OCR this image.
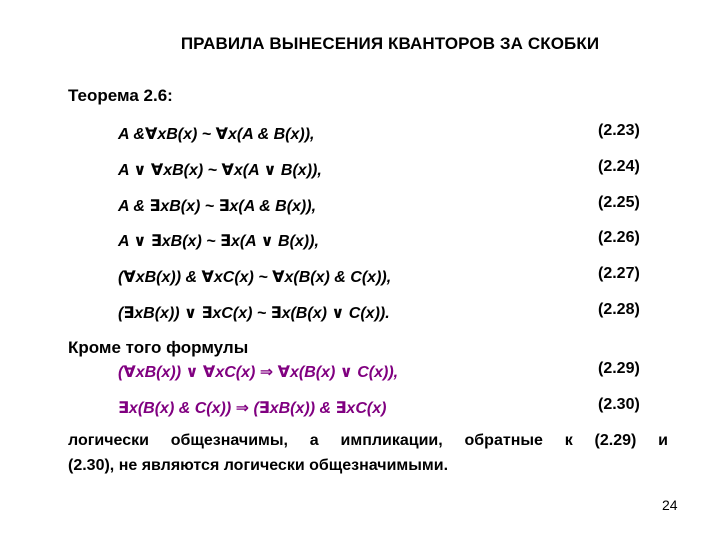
ПРАВИЛА ВЫНЕСЕНИЯ КВАНТОРОВ ЗА СКОБКИ
Теорема 2.6:
A &∀xB(x) ~ ∀x(A & B(x)),	(2.23)
A ∨ ∀xB(x) ~ ∀x(A ∨ B(x)),	(2.24)
A & ∃xB(x) ~ ∃x(A & B(x)),	(2.25)
A ∨ ∃xB(x) ~ ∃x(A ∨ B(x)),	(2.26)
(∀xB(x)) & ∀xC(x) ~ ∀x(B(x) & C(x)),	(2.27)
(∃xB(x)) ∨ ∃xC(x) ~ ∃x(B(x) ∨ C(x)).	(2.28)
Кроме того формулы
(∀xB(x)) ∨ ∀xC(x) ⇒ ∀x(B(x) ∨ C(x)),	(2.29)
∃x(B(x) & C(x)) ⇒ (∃xB(x)) & ∃xC(x)	(2.30)
логически общезначимы, а импликации, обратные к (2.29) и
(2.30), не являются логически общезначимыми.
24
